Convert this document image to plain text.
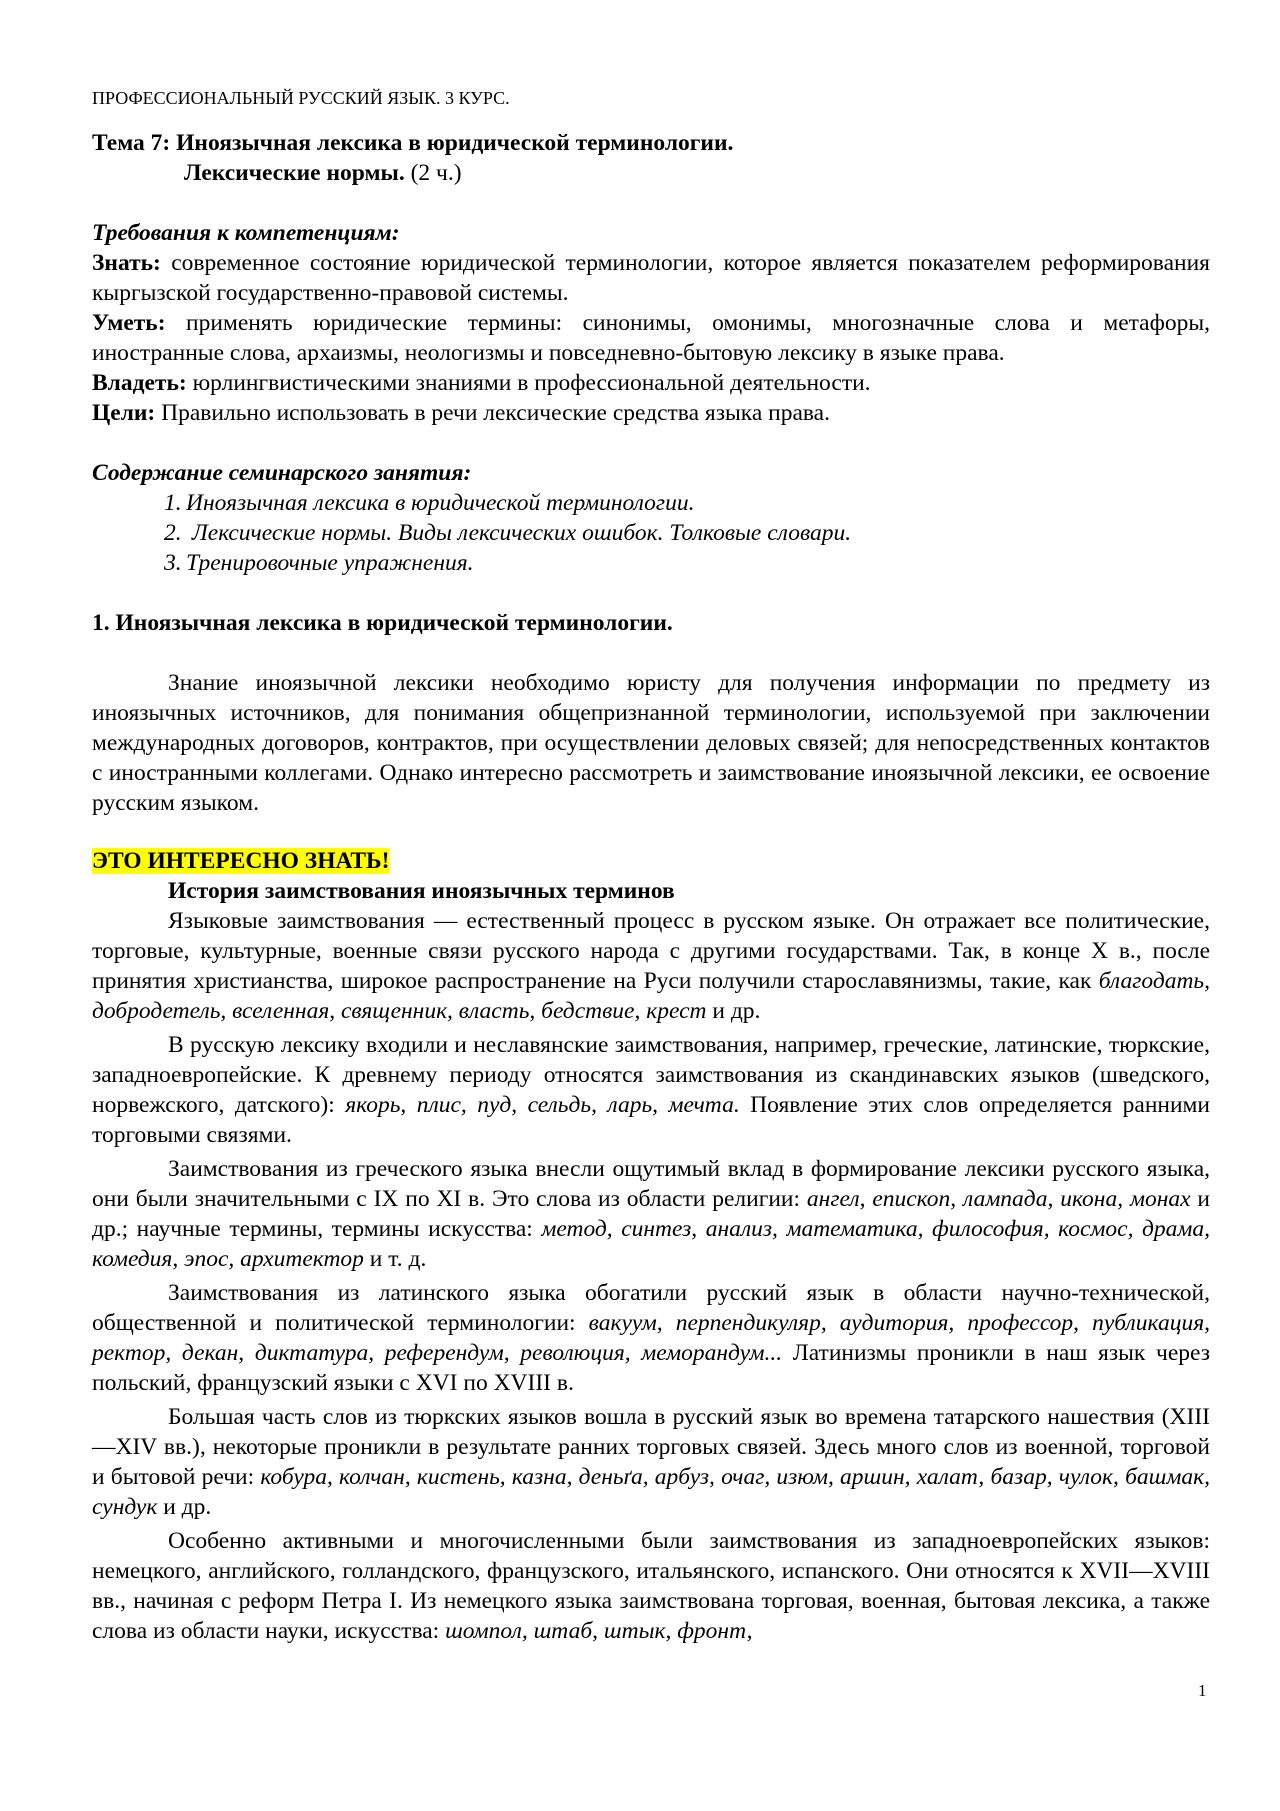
ПРОФЕССИОНАЛЬНЫЙ РУССКИЙ ЯЗЫК. 3 КУРС.

Тема 7: Иноязычная лексика в юридической терминологии.

Лексические нормы. (2 ч.)

Требования к компетенциям:

Знать: современное состояние юридической терминологии, которое является показателем реформирования кыргызской государственно-правовой системы.

Уметь: применять юридические термины: синонимы, омонимы, многозначные слова и метафоры, иностранные слова, архаизмы, неологизмы и повседневно-бытовую лексику в языке права.

Владеть: юрлингвистическими знаниями в профессиональной деятельности.

Цели: Правильно использовать в речи лексические средства языка права.

Содержание семинарского занятия:

1. Иноязычная лексика в юридической терминологии.
2. Лексические нормы. Виды лексических ошибок. Толковые словари.
3. Тренировочные упражнения.

1. Иноязычная лексика в юридической терминологии.

Знание иноязычной лексики необходимо юристу для получения информации по предмету из иноязычных источников, для понимания общепризнанной терминологии, используемой при заключении международных договоров, контрактов, при осуществлении деловых связей; для непосредственных контактов с иностранными коллегами. Однако интересно рассмотреть и заимствование иноязычной лексики, ее освоение русским языком.

ЭТО ИНТЕРЕСНО ЗНАТЬ!

История заимствования иноязычных терминов

Языковые заимствования — естественный процесс в русском языке. Он отражает все политические, торговые, культурные, военные связи русского народа с другими государствами. Так, в конце X в., после принятия христианства, широкое распространение на Руси получили старославянизмы, такие, как благодать, добродетель, вселенная, священник, власть, бедствие, крест и др.

В русскую лексику входили и неславянские заимствования, например, греческие, латинские, тюркские, западноевропейские. К древнему периоду относятся заимствования из скандинавских языков (шведского, норвежского, датского): якорь, плис, пуд, сельдь, ларь, мечта. Появление этих слов определяется ранними торговыми связями.

Заимствования из греческого языка внесли ощутимый вклад в формирование лексики русского языка, они были значительными с IX по XI в. Это слова из области религии: ангел, епископ, лампада, икона, монах и др.; научные термины, термины искусства: метод, синтез, анализ, математика, философия, космос, драма, комедия, эпос, архитектор и т. д.

Заимствования из латинского языка обогатили русский язык в области научно-технической, общественной и политической терминологии: вакуум, перпендикуляр, аудитория, профессор, публикация, ректор, декан, диктатура, референдум, революция, меморандум... Латинизмы проникли в наш язык через польский, французский языки с XVI по XVIII в.

Большая часть слов из тюркских языков вошла в русский язык во времена татарского нашествия (XIII—XIV вв.), некоторые проникли в результате ранних торговых связей. Здесь много слов из военной, торговой и бытовой речи: кобура, колчан, кистень, казна, деньґа, арбуз, очаг, изюм, аршин, халат, базар, чулок, башмак, сундук и др.

Особенно активными и многочисленными были заимствования из западноевропейских языков: немецкого, английского, голландского, французского, итальянского, испанского. Они относятся к XVII—XVIII вв., начиная с реформ Петра I. Из немецкого языка заимствована торговая, военная, бытовая лексика, а также слова из области науки, искусства: шомпол, штаб, штык, фронт,

1
